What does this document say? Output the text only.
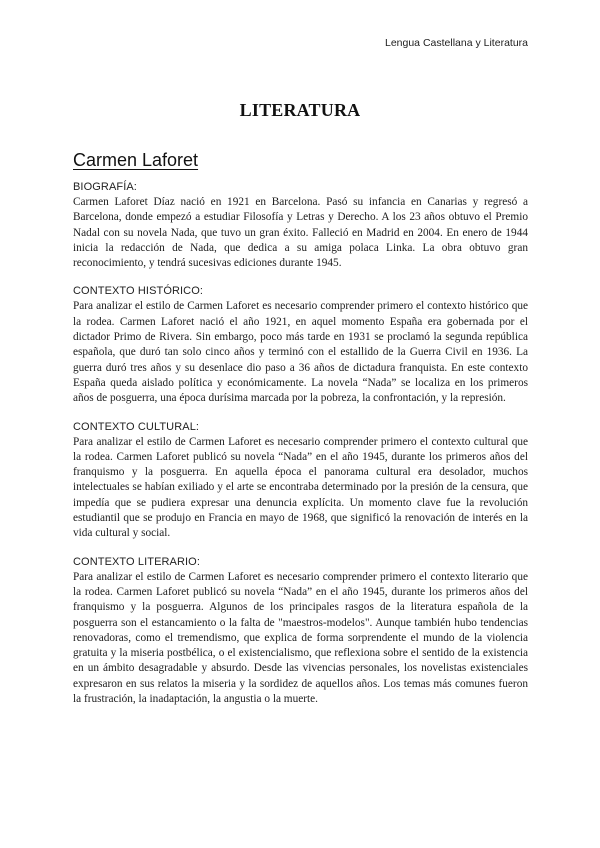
Lengua Castellana y Literatura
LITERATURA
Carmen Laforet

BIOGRAFÍA:

Carmen Laforet Díaz nació en 1921 en Barcelona. Pasó su infancia en Canarias y regresó a Barcelona, donde empezó a estudiar Filosofía y Letras y Derecho. A los 23 años obtuvo el Premio Nadal con su novela Nada, que tuvo un gran éxito. Falleció en Madrid en 2004. En enero de 1944 inicia la redacción de Nada, que dedica a su amiga polaca Linka. La obra obtuvo gran reconocimiento, y tendrá sucesivas ediciones durante 1945.

CONTEXTO HISTÓRICO:

Para analizar el estilo de Carmen Laforet es necesario comprender primero el contexto histórico que la rodea. Carmen Laforet nació el año 1921, en aquel momento España era gobernada por el dictador Primo de Rivera. Sin embargo, poco más tarde en 1931 se proclamó la segunda república española, que duró tan solo cinco años y terminó con el estallido de la Guerra Civil en 1936. La guerra duró tres años y su desenlace dio paso a 36 años de dictadura franquista. En este contexto España queda aislado política y económicamente. La novela “Nada” se localiza en los primeros años de posguerra, una época durísima marcada por la pobreza, la confrontación, y la represión.

CONTEXTO CULTURAL:

Para analizar el estilo de Carmen Laforet es necesario comprender primero el contexto cultural que la rodea. Carmen Laforet publicó su novela “Nada” en el año 1945, durante los primeros años del franquismo y la posguerra. En aquella época el panorama cultural era desolador, muchos intelectuales se habían exiliado y el arte se encontraba determinado por la presión de la censura, que impedía que se pudiera expresar una denuncia explícita. Un momento clave fue la revolución estudiantil que se produjo en Francia en mayo de 1968, que significó la renovación de interés en la vida cultural y social.

CONTEXTO LITERARIO:

Para analizar el estilo de Carmen Laforet es necesario comprender primero el contexto literario que la rodea. Carmen Laforet publicó su novela “Nada” en el año 1945, durante los primeros años del franquismo y la posguerra. Algunos de los principales rasgos de la literatura española de la posguerra son el estancamiento o la falta de "maestros-modelos". Aunque también hubo tendencias renovadoras, como el tremendismo, que explica de forma sorprendente el mundo de la violencia gratuita y la miseria postbélica, o el existencialismo, que reflexiona sobre el sentido de la existencia en un ámbito desagradable y absurdo. Desde las vivencias personales, los novelistas existenciales expresaron en sus relatos la miseria y la sordidez de aquellos años. Los temas más comunes fueron la frustración, la inadaptación, la angustia o la muerte.
